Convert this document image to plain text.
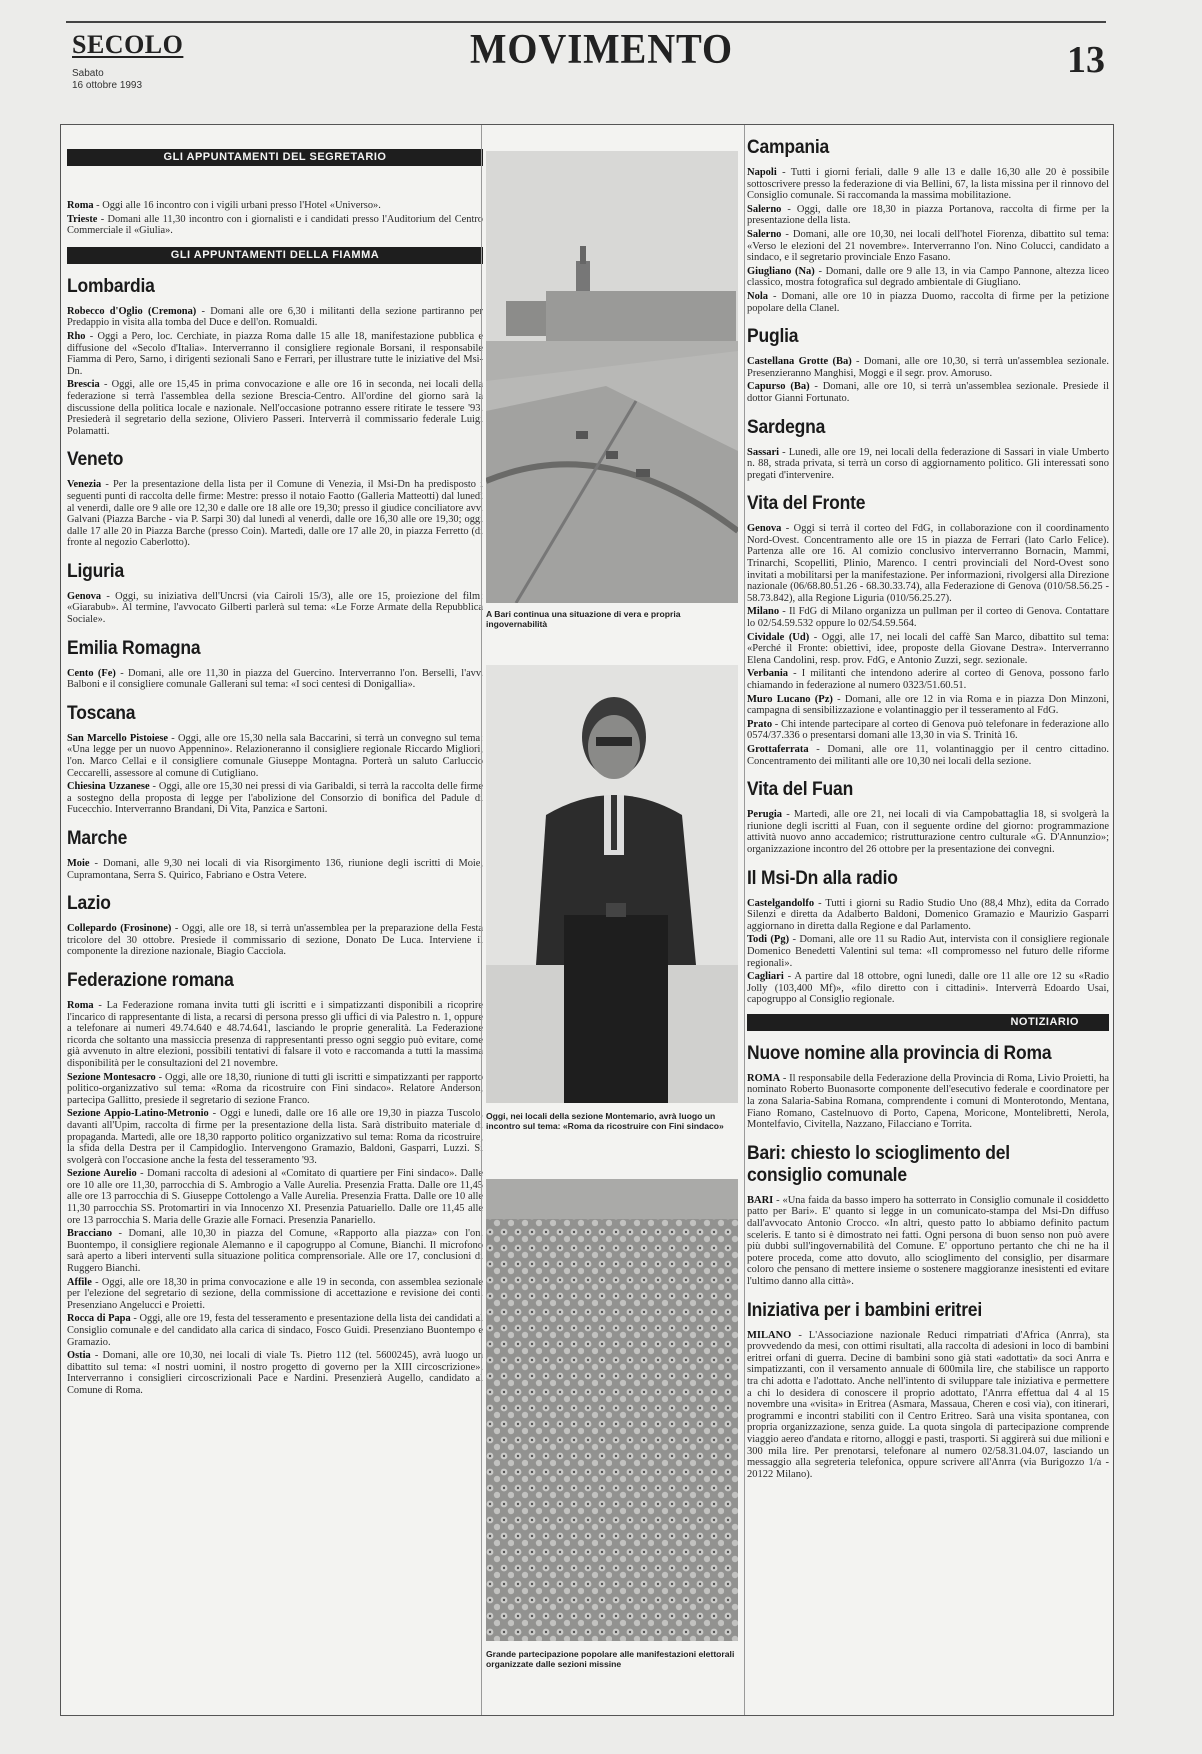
SECOLO
Sabato
16 ottobre 1993
MOVIMENTO	13
GLI APPUNTAMENTI DEL SEGRETARIO

Roma - Oggi alle 16 incontro con i vigili urbani presso l'Hotel «Universo».

Trieste - Domani alle 11,30 incontro con i giornalisti e i candidati presso l'Auditorium del Centro Commerciale il «Giulia».

GLI APPUNTAMENTI DELLA FIAMMA
Lombardia

Robecco d'Oglio (Cremona) - Domani alle ore 6,30 i militanti della sezione partiranno per Predappio in visita alla tomba del Duce e dell'on. Romualdi.

Rho - Oggi a Pero, loc. Cerchiate, in piazza Roma dalle 15 alle 18, manifestazione pubblica e diffusione del «Secolo d'Italia». Interverranno il consigliere regionale Borsani, il responsabile Fiamma di Pero, Sarno, i dirigenti sezionali Sano e Ferrari, per illustrare tutte le iniziative del Msi-Dn.

Brescia - Oggi, alle ore 15,45 in prima convocazione e alle ore 16 in seconda, nei locali della federazione si terrà l'assemblea della sezione Brescia-Centro. All'ordine del giorno sarà la discussione della politica locale e nazionale. Nell'occasione potranno essere ritirate le tessere '93. Presiederà il segretario della sezione, Oliviero Passeri. Interverrà il commissario federale Luigi Polamatti.

Veneto

Venezia - Per la presentazione della lista per il Comune di Venezia, il Msi-Dn ha predisposto i seguenti punti di raccolta delle firme: Mestre: presso il notaio Faotto (Galleria Matteotti) dal lunedì al venerdì, dalle ore 9 alle ore 12,30 e dalle ore 18 alle ore 19,30; presso il giudice conciliatore avv. Galvani (Piazza Barche - via P. Sarpi 30) dal lunedì al venerdì, dalle ore 16,30 alle ore 19,30; oggi dalle 17 alle 20 in Piazza Barche (presso Coin). Martedì, dalle ore 17 alle 20, in piazza Ferretto (di fronte al negozio Caberlotto).

Liguria

Genova - Oggi, su iniziativa dell'Uncrsi (via Cairoli 15/3), alle ore 15, proiezione del film: «Giarabub». Al termine, l'avvocato Gilberti parlerà sul tema: «Le Forze Armate della Repubblica Sociale».

Emilia Romagna

Cento (Fe) - Domani, alle ore 11,30 in piazza del Guercino. Interverranno l'on. Berselli, l'avv. Balboni e il consigliere comunale Gallerani sul tema: «I soci centesi di Donigallia».

Toscana

San Marcello Pistoiese - Oggi, alle ore 15,30 nella sala Baccarini, si terrà un convegno sul tema: «Una legge per un nuovo Appennino». Relazioneranno il consigliere regionale Riccardo Migliori, l'on. Marco Cellai e il consigliere comunale Giuseppe Montagna. Porterà un saluto Carluccio Ceccarelli, assessore al comune di Cutigliano.

Chiesina Uzzanese - Oggi, alle ore 15,30 nei pressi di via Garibaldi, si terrà la raccolta delle firme a sostegno della proposta di legge per l'abolizione del Consorzio di bonifica del Padule di Fucecchio. Interverranno Brandani, Di Vita, Panzica e Sartoni.

Marche

Moie - Domani, alle 9,30 nei locali di via Risorgimento 136, riunione degli iscritti di Moie, Cupramontana, Serra S. Quirico, Fabriano e Ostra Vetere.

Lazio

Collepardo (Frosinone) - Oggi, alle ore 18, si terrà un'assemblea per la preparazione della Festa tricolore del 30 ottobre. Presiede il commissario di sezione, Donato De Luca. Interviene il componente la direzione nazionale, Biagio Cacciola.

Federazione romana

Roma - La Federazione romana invita tutti gli iscritti e i simpatizzanti disponibili a ricoprire l'incarico di rappresentante di lista, a recarsi di persona presso gli uffici di via Palestro n. 1, oppure a telefonare ai numeri 49.74.640 e 48.74.641, lasciando le proprie generalità. La Federazione ricorda che soltanto una massiccia presenza di rappresentanti presso ogni seggio può evitare, come già avvenuto in altre elezioni, possibili tentativi di falsare il voto e raccomanda a tutti la massima disponibilità per le consultazioni del 21 novembre.

Sezione Montesacro - Oggi, alle ore 18,30, riunione di tutti gli iscritti e simpatizzanti per rapporto politico-organizzativo sul tema: «Roma da ricostruire con Fini sindaco». Relatore Anderson, partecipa Gallitto, presiede il segretario di sezione Franco.

Sezione Appio-Latino-Metronio - Oggi e lunedì, dalle ore 16 alle ore 19,30 in piazza Tuscolo, davanti all'Upim, raccolta di firme per la presentazione della lista. Sarà distribuito materiale di propaganda. Martedì, alle ore 18,30 rapporto politico organizzativo sul tema: Roma da ricostruire, la sfida della Destra per il Campidoglio. Intervengono Gramazio, Baldoni, Gasparri, Luzzi. Si svolgerà con l'occasione anche la festa del tesseramento '93.

Sezione Aurelio - Domani raccolta di adesioni al «Comitato di quartiere per Fini sindaco». Dalle ore 10 alle ore 11,30, parrocchia di S. Ambrogio a Valle Aurelia. Presenzia Fratta. Dalle ore 11,45 alle ore 13 parrocchia di S. Giuseppe Cottolengo a Valle Aurelia. Presenzia Fratta. Dalle ore 10 alle 11,30 parrocchia SS. Protomartiri in via Innocenzo XI. Presenzia Patuariello. Dalle ore 11,45 alle ore 13 parrocchia S. Maria delle Grazie alle Fornaci. Presenzia Panariello.

Bracciano - Domani, alle 10,30 in piazza del Comune, «Rapporto alla piazza» con l'on. Buontempo, il consigliere regionale Alemanno e il capogruppo al Comune, Bianchi. Il microfono sarà aperto a liberi interventi sulla situazione politica comprensoriale. Alle ore 17, conclusioni di Ruggero Bianchi.

Affile - Oggi, alle ore 18,30 in prima convocazione e alle 19 in seconda, con assemblea sezionale per l'elezione del segretario di sezione, della commissione di accettazione e revisione dei conti. Presenziano Angelucci e Proietti.

Rocca di Papa - Oggi, alle ore 19, festa del tesseramento e presentazione della lista dei candidati al Consiglio comunale e del candidato alla carica di sindaco, Fosco Guidi. Presenziano Buontempo e Gramazio.

Ostia - Domani, alle ore 10,30, nei locali di viale Ts. Pietro 112 (tel. 5600245), avrà luogo un dibattito sul tema: «I nostri uomini, il nostro progetto di governo per la XIII circoscrizione». Interverranno i consiglieri circoscrizionali Pace e Nardini. Presenzierà Augello, candidato al Comune di Roma.

A Bari continua una situazione di vera e propria ingovernabilità
Oggi, nei locali della sezione Montemario, avrà luogo un incontro sul tema: «Roma da ricostruire con Fini sindaco»
Grande partecipazione popolare alle manifestazioni elettorali organizzate dalle sezioni missine
Campania

Napoli - Tutti i giorni feriali, dalle 9 alle 13 e dalle 16,30 alle 20 è possibile sottoscrivere presso la federazione di via Bellini, 67, la lista missina per il rinnovo del Consiglio comunale. Si raccomanda la massima mobilitazione.

Salerno - Oggi, dalle ore 18,30 in piazza Portanova, raccolta di firme per la presentazione della lista.

Salerno - Domani, alle ore 10,30, nei locali dell'hotel Fiorenza, dibattito sul tema: «Verso le elezioni del 21 novembre». Interverranno l'on. Nino Colucci, candidato a sindaco, e il segretario provinciale Enzo Fasano.

Giugliano (Na) - Domani, dalle ore 9 alle 13, in via Campo Pannone, altezza liceo classico, mostra fotografica sul degrado ambientale di Giugliano.

Nola - Domani, alle ore 10 in piazza Duomo, raccolta di firme per la petizione popolare della Clanel.

Puglia

Castellana Grotte (Ba) - Domani, alle ore 10,30, si terrà un'assemblea sezionale. Presenzieranno Manghisi, Moggi e il segr. prov. Amoruso.

Capurso (Ba) - Domani, alle ore 10, si terrà un'assemblea sezionale. Presiede il dottor Gianni Fortunato.

Sardegna

Sassari - Lunedì, alle ore 19, nei locali della federazione di Sassari in viale Umberto n. 88, strada privata, si terrà un corso di aggiornamento politico. Gli interessati sono pregati d'intervenire.

Vita del Fronte

Genova - Oggi si terrà il corteo del FdG, in collaborazione con il coordinamento Nord-Ovest. Concentramento alle ore 15 in piazza de Ferrari (lato Carlo Felice). Partenza alle ore 16. Al comizio conclusivo interverranno Bornacin, Mammi, Trinarchi, Scopelliti, Plinio, Marenco. I centri provinciali del Nord-Ovest sono invitati a mobilitarsi per la manifestazione. Per informazioni, rivolgersi alla Direzione nazionale (06/68.80.51.26 - 68.30.33.74), alla Federazione di Genova (010/58.56.25 - 58.73.842), alla Regione Liguria (010/56.25.27).

Milano - Il FdG di Milano organizza un pullman per il corteo di Genova. Contattare lo 02/54.59.532 oppure lo 02/54.59.564.

Cividale (Ud) - Oggi, alle 17, nei locali del caffè San Marco, dibattito sul tema: «Perché il Fronte: obiettivi, idee, proposte della Giovane Destra». Interverranno Elena Candolini, resp. prov. FdG, e Antonio Zuzzi, segr. sezionale.

Verbania - I militanti che intendono aderire al corteo di Genova, possono farlo chiamando in federazione al numero 0323/51.60.51.

Muro Lucano (Pz) - Domani, alle ore 12 in via Roma e in piazza Don Minzoni, campagna di sensibilizzazione e volantinaggio per il tesseramento al FdG.

Prato - Chi intende partecipare al corteo di Genova può telefonare in federazione allo 0574/37.336 o presentarsi domani alle 13,30 in via S. Trinità 16.

Grottaferrata - Domani, alle ore 11, volantinaggio per il centro cittadino. Concentramento dei militanti alle ore 10,30 nei locali della sezione.

Vita del Fuan

Perugia - Martedì, alle ore 21, nei locali di via Campobattaglia 18, si svolgerà la riunione degli iscritti al Fuan, con il seguente ordine del giorno: programmazione attività nuovo anno accademico; ristrutturazione centro culturale «G. D'Annunzio»; organizzazione incontro del 26 ottobre per la presentazione dei convegni.

Il Msi-Dn alla radio

Castelgandolfo - Tutti i giorni su Radio Studio Uno (88,4 Mhz), edita da Corrado Silenzi e diretta da Adalberto Baldoni, Domenico Gramazio e Maurizio Gasparri aggiornano in diretta dalla Regione e dal Parlamento.

Todi (Pg) - Domani, alle ore 11 su Radio Aut, intervista con il consigliere regionale Domenico Benedetti Valentini sul tema: «Il compromesso nel futuro delle riforme regionali».

Cagliari - A partire dal 18 ottobre, ogni lunedì, dalle ore 11 alle ore 12 su «Radio Jolly (103,400 Mf)», «filo diretto con i cittadini». Interverrà Edoardo Usai, capogruppo al Consiglio regionale.

NOTIZIARIO
Nuove nomine alla provincia di Roma

ROMA - Il responsabile della Federazione della Provincia di Roma, Livio Proietti, ha nominato Roberto Buonasorte componente dell'esecutivo federale e coordinatore per la zona Salaria-Sabina Romana, comprendente i comuni di Monterotondo, Mentana, Fiano Romano, Castelnuovo di Porto, Capena, Moricone, Montelibretti, Nerola, Montelfavio, Civitella, Nazzano, Filacciano e Torrita.

Bari: chiesto lo scioglimento del consiglio comunale

BARI - «Una faida da basso impero ha sotterrato in Consiglio comunale il cosiddetto patto per Bari». E' quanto si legge in un comunicato-stampa del Msi-Dn diffuso dall'avvocato Antonio Crocco. «In altri, questo patto lo abbiamo definito pactum sceleris. E tanto si è dimostrato nei fatti. Ogni persona di buon senso non può avere più dubbi sull'ingovernabilità del Comune. E' opportuno pertanto che chi ne ha il potere proceda, come atto dovuto, allo scioglimento del consiglio, per disarmare coloro che pensano di mettere insieme o sostenere maggioranze inesistenti ed evitare l'ultimo danno alla città».

Iniziativa per i bambini eritrei

MILANO - L'Associazione nazionale Reduci rimpatriati d'Africa (Anrra), sta provvedendo da mesi, con ottimi risultati, alla raccolta di adesioni in loco di bambini eritrei orfani di guerra. Decine di bambini sono già stati «adottati» da soci Anrra e simpatizzanti, con il versamento annuale di 600mila lire, che stabilisce un rapporto tra chi adotta e l'adottato. Anche nell'intento di sviluppare tale iniziativa e permettere a chi lo desidera di conoscere il proprio adottato, l'Anrra effettua dal 4 al 15 novembre una «visita» in Eritrea (Asmara, Massaua, Cheren e così via), con itinerari, programmi e incontri stabiliti con il Centro Eritreo. Sarà una visita spontanea, con propria organizzazione, senza guide. La quota singola di partecipazione comprende viaggio aereo d'andata e ritorno, alloggi e pasti, trasporti. Si aggirerà sui due milioni e 300 mila lire. Per prenotarsi, telefonare al numero 02/58.31.04.07, lasciando un messaggio alla segreteria telefonica, oppure scrivere all'Anrra (via Burigozzo 1/a - 20122 Milano).
